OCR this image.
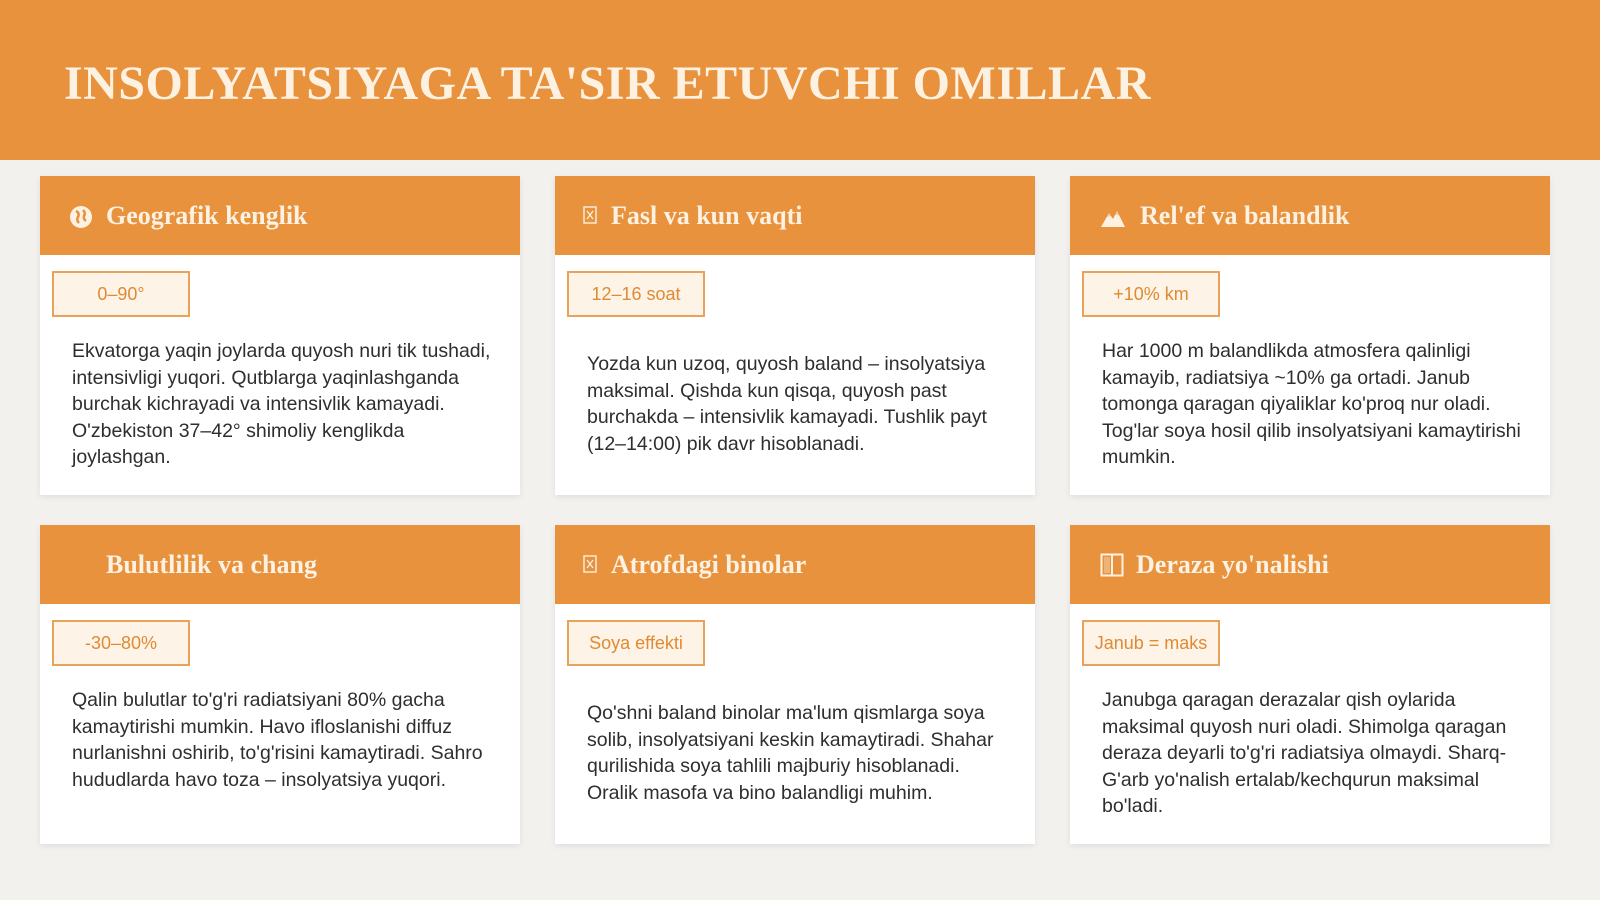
INSOLYATSIYAGA TA'SIR ETUVCHI OMILLAR
Geografik kenglik
0–90°

Ekvatorga yaqin joylarda quyosh nuri tik tushadi, intensivligi yuqori. Qutblarga yaqinlashganda burchak kichrayadi va intensivlik kamayadi. O'zbekiston 37–42° shimoliy kenglikda joylashgan.

Fasl va kun vaqti
12–16 soat

Yozda kun uzoq, quyosh baland – insolyatsiya maksimal. Qishda kun qisqa, quyosh past burchakda – intensivlik kamayadi. Tushlik payt (12–14:00) pik davr hisoblanadi.

Rel'ef va balandlik
+10% km

Har 1000 m balandlikda atmosfera qalinligi kamayib, radiatsiya ~10% ga ortadi. Janub tomonga qaragan qiyaliklar ko'proq nur oladi. Tog'lar soya hosil qilib insolyatsiyani kamaytirishi mumkin.

Bulutlilik va chang
-30–80%

Qalin bulutlar to'g'ri radiatsiyani 80% gacha kamaytirishi mumkin. Havo ifloslanishi diffuz nurlanishni oshirib, to'g'risini kamaytiradi. Sahro hududlarda havo toza – insolyatsiya yuqori.

Atrofdagi binolar
Soya effekti

Qo'shni baland binolar ma'lum qismlarga soya solib, insolyatsiyani keskin kamaytiradi. Shahar qurilishida soya tahlili majburiy hisoblanadi. Oralik masofa va bino balandligi muhim.

Deraza yo'nalishi
Janub = maks

Janubga qaragan derazalar qish oylarida maksimal quyosh nuri oladi. Shimolga qaragan deraza deyarli to'g'ri radiatsiya olmaydi. Sharq-G'arb yo'nalish ertalab/kechqurun maksimal bo'ladi.
